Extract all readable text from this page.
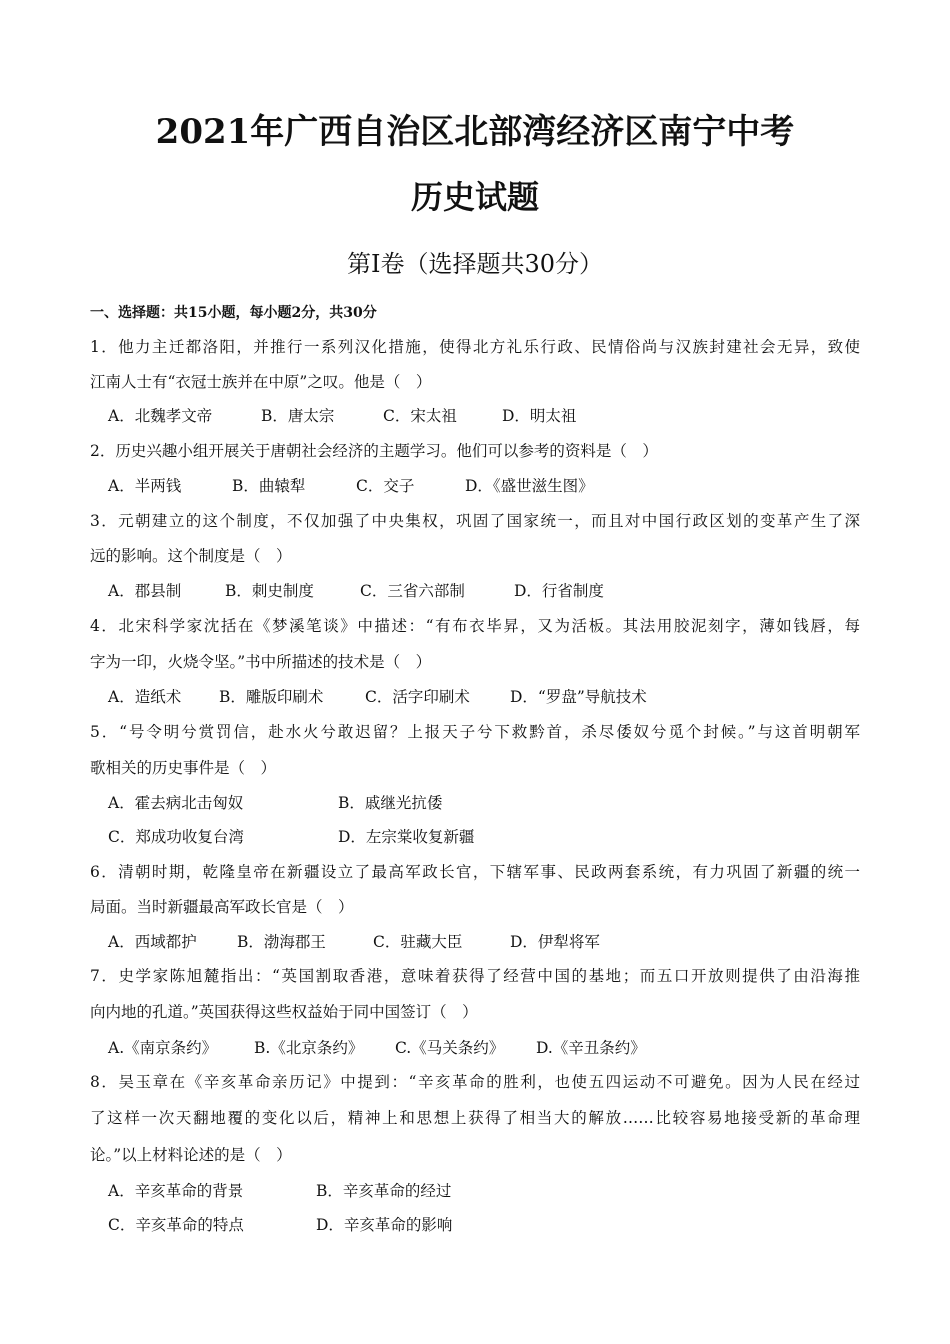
2021年广西自治区北部湾经济区南宁中考
历史试题
第Ⅰ卷（选择题共30分）
一、选择题：共15小题，每小题2分，共30分
1．他力主迁都洛阳，并推行一系列汉化措施，使得北方礼乐行政、民情俗尚与汉族封建社会无异，致使
江南人士有“衣冠士族并在中原”之叹。他是（　）
A．北魏孝文帝	B．唐太宗	C．宋太祖	D．明太祖
2．历史兴趣小组开展关于唐朝社会经济的主题学习。他们可以参考的资料是（　）
A．半两钱	B．曲辕犁	C．交子	D．《盛世滋生图》
3．元朝建立的这个制度，不仅加强了中央集权，巩固了国家统一，而且对中国行政区划的变革产生了深
远的影响。这个制度是（　）
A．郡县制	B．刺史制度	C．三省六部制	D．行省制度
4．北宋科学家沈括在《梦溪笔谈》中描述：“有布衣毕昇，又为活板。其法用胶泥刻字，薄如钱唇，每
字为一印，火烧令坚。”书中所描述的技术是（　）
A．造纸术 B．雕版印刷术	C．活字印刷术	D．“罗盘”导航技术
5．“号令明兮赏罚信，赴水火兮敢迟留？上报天子兮下救黔首，杀尽倭奴兮觅个封候。”与这首明朝军
歌相关的历史事件是（　）
A．霍去病北击匈奴	B．戚继光抗倭
C．郑成功收复台湾	D．左宗棠收复新疆
6．清朝时期，乾隆皇帝在新疆设立了最高军政长官，下辖军事、民政两套系统，有力巩固了新疆的统一
局面。当时新疆最高军政长官是（　）
A．西域都护	B．渤海郡王	C．驻藏大臣	D．伊犁将军
7．史学家陈旭麓指出：“英国割取香港，意味着获得了经营中国的基地；而五口开放则提供了由沿海推
向内地的孔道。”英国获得这些权益始于同中国签订（　）
A.《南京条约》 B.《北京条约》 C.《马关条约》 D.《辛丑条约》
8．吴玉章在《辛亥革命亲历记》中提到：“辛亥革命的胜利，也使五四运动不可避免。因为人民在经过
了这样一次天翻地覆的变化以后，精神上和思想上获得了相当大的解放……比较容易地接受新的革命理
论。”以上材料论述的是（　）
A．辛亥革命的背景	B．辛亥革命的经过
C．辛亥革命的特点	D．辛亥革命的影响
